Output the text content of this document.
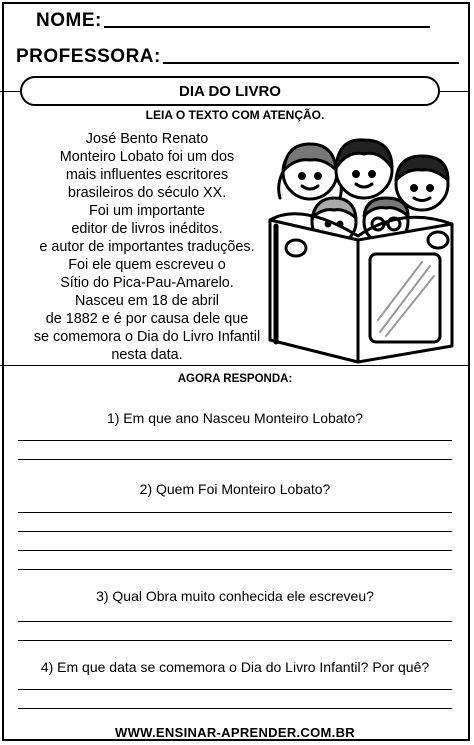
NOME:
PROFESSORA:
DIA DO LIVRO
LEIA O TEXTO COM ATENÇÃO.
José Bento Renato
Monteiro Lobato foi um dos
mais influentes escritores
brasileiros do século XX.
Foi um importante
editor de livros inéditos.
e autor de importantes traduções.
Foi ele quem escreveu o
Sítio do Pica-Pau-Amarelo.
Nasceu em 18 de abril
de 1882 e é por causa dele que
se comemora o Dia do Livro Infantil
nesta data.
AGORA RESPONDA:
1) Em que ano Nasceu Monteiro Lobato?
2) Quem Foi Monteiro Lobato?
3) Qual Obra muito conhecida ele escreveu?
4) Em que data se comemora o Dia do Livro Infantil? Por quê?
WWW.ENSINAR-APRENDER.COM.BR
